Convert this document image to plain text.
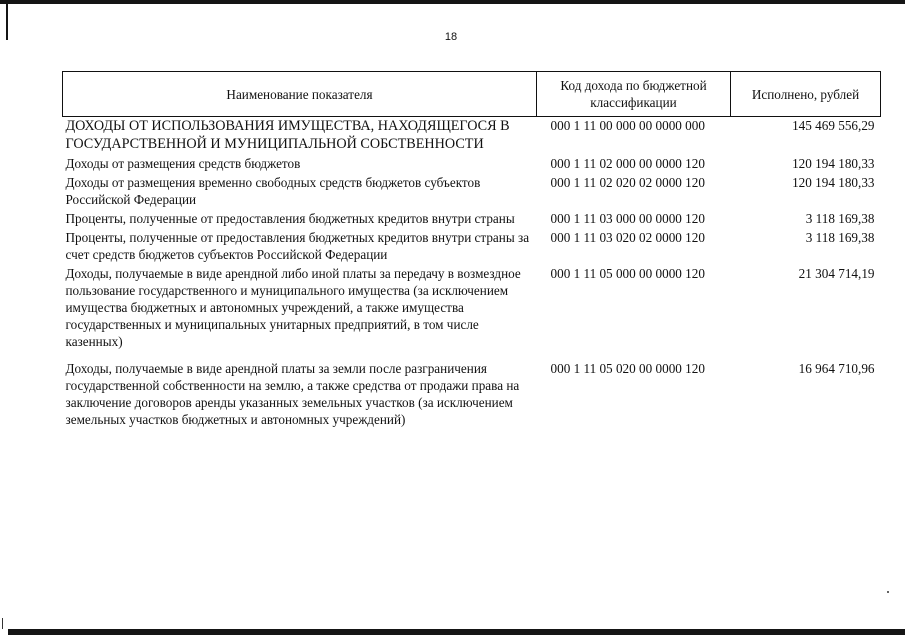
18
Наименование показателя	Код дохода по бюджетной классификации	Исполнено, рублей
ДОХОДЫ ОТ ИСПОЛЬЗОВАНИЯ ИМУЩЕСТВА, НАХОДЯЩЕГОСЯ В ГОСУДАРСТВЕННОЙ И МУНИЦИПАЛЬНОЙ СОБСТВЕННОСТИ	000 1 11 00 000 00 0000 000	145 469 556,29
Доходы от размещения средств бюджетов	000 1 11 02 000 00 0000 120	120 194 180,33
Доходы от размещения временно свободных средств бюджетов субъектов Российской Федерации	000 1 11 02 020 02 0000 120	120 194 180,33
Проценты, полученные от предоставления бюджетных кредитов внутри страны	000 1 11 03 000 00 0000 120	3 118 169,38
Проценты, полученные от предоставления бюджетных кредитов внутри страны за счет средств бюджетов субъектов Российской Федерации	000 1 11 03 020 02 0000 120	3 118 169,38
Доходы, получаемые в виде арендной либо иной платы за передачу в возмездное пользование государственного и муниципального имущества (за исключением имущества бюджетных и автономных учреждений, а также имущества государственных и муниципальных унитарных предприятий, в том числе казенных)	000 1 11 05 000 00 0000 120	21 304 714,19
Доходы, получаемые в виде арендной платы за земли после разграничения государственной собственности на землю, а также средства от продажи права на заключение договоров аренды указанных земельных участков (за исключением земельных участков бюджетных и автономных учреждений)	000 1 11 05 020 00 0000 120	16 964 710,96
